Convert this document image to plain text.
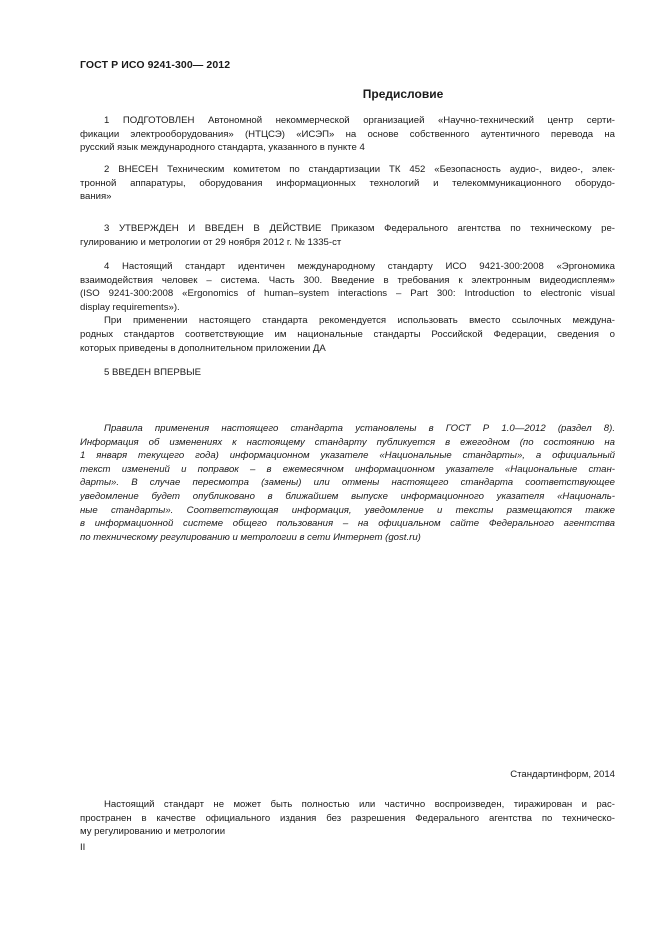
ГОСТ Р ИСО 9241-300— 2012
Предисловие

1 ПОДГОТОВЛЕН Автономной некоммерческой организацией «Научно-технический центр серти-

фикации электрооборудования» (НТЦСЭ) «ИСЭП» на основе собственного аутентичного перевода на
русский язык международного стандарта, указанного в пункте 4

2 ВНЕСЕН Техническим комитетом по стандартизации ТК 452 «Безопасность аудио-, видео-, элек-

тронной аппаратуры, оборудования информационных технологий и телекоммуникационного оборудо-
вания»

3 УТВЕРЖДЕН И ВВЕДЕН В ДЕЙСТВИЕ Приказом Федерального агентства по техническому ре-

гулированию и метрологии от 29 ноября 2012 г. № 1335-ст

4 Настоящий стандарт идентичен международному стандарту ИСО 9421-300:2008 «Эргономика

взаимодействия человек – система. Часть 300. Введение в требования к электронным видеодисплеям»
(ISO 9241-300:2008 «Ergonomics of human–system interactions – Part 300: Introduction to electronic visual
display requirements»).

При применении настоящего стандарта рекомендуется использовать вместо ссылочных междуна-

родных стандартов соответствующие им национальные стандарты Российской Федерации, сведения о
которых приведены в дополнительном приложении ДА

5 ВВЕДЕН ВПЕРВЫЕ

Правила применения настоящего стандарта установлены в ГОСТ Р 1.0—2012 (раздел 8).

Информация об изменениях к настоящему стандарту публикуется в ежегодном (по состоянию на
1 января текущего года) информационном указателе «Национальные стандарты», а официальный
текст изменений и поправок – в ежемесячном информационном указателе «Национальные стан-
дарты». В случае пересмотра (замены) или отмены настоящего стандарта соответствующее
уведомление будет опубликовано в ближайшем выпуске информационного указателя «Националь-
ные стандарты». Соответствующая информация, уведомление и тексты размещаются также
в информационной системе общего пользования – на официальном сайте Федерального агентства
по техническому регулированию и метрологии в сети Интернет (gost.ru)
Стандартинформ, 2014

Настоящий стандарт не может быть полностью или частично воспроизведен, тиражирован и рас-

пространен в качестве официального издания без разрешения Федерального агентства по техническо-
му регулированию и метрологии
II
